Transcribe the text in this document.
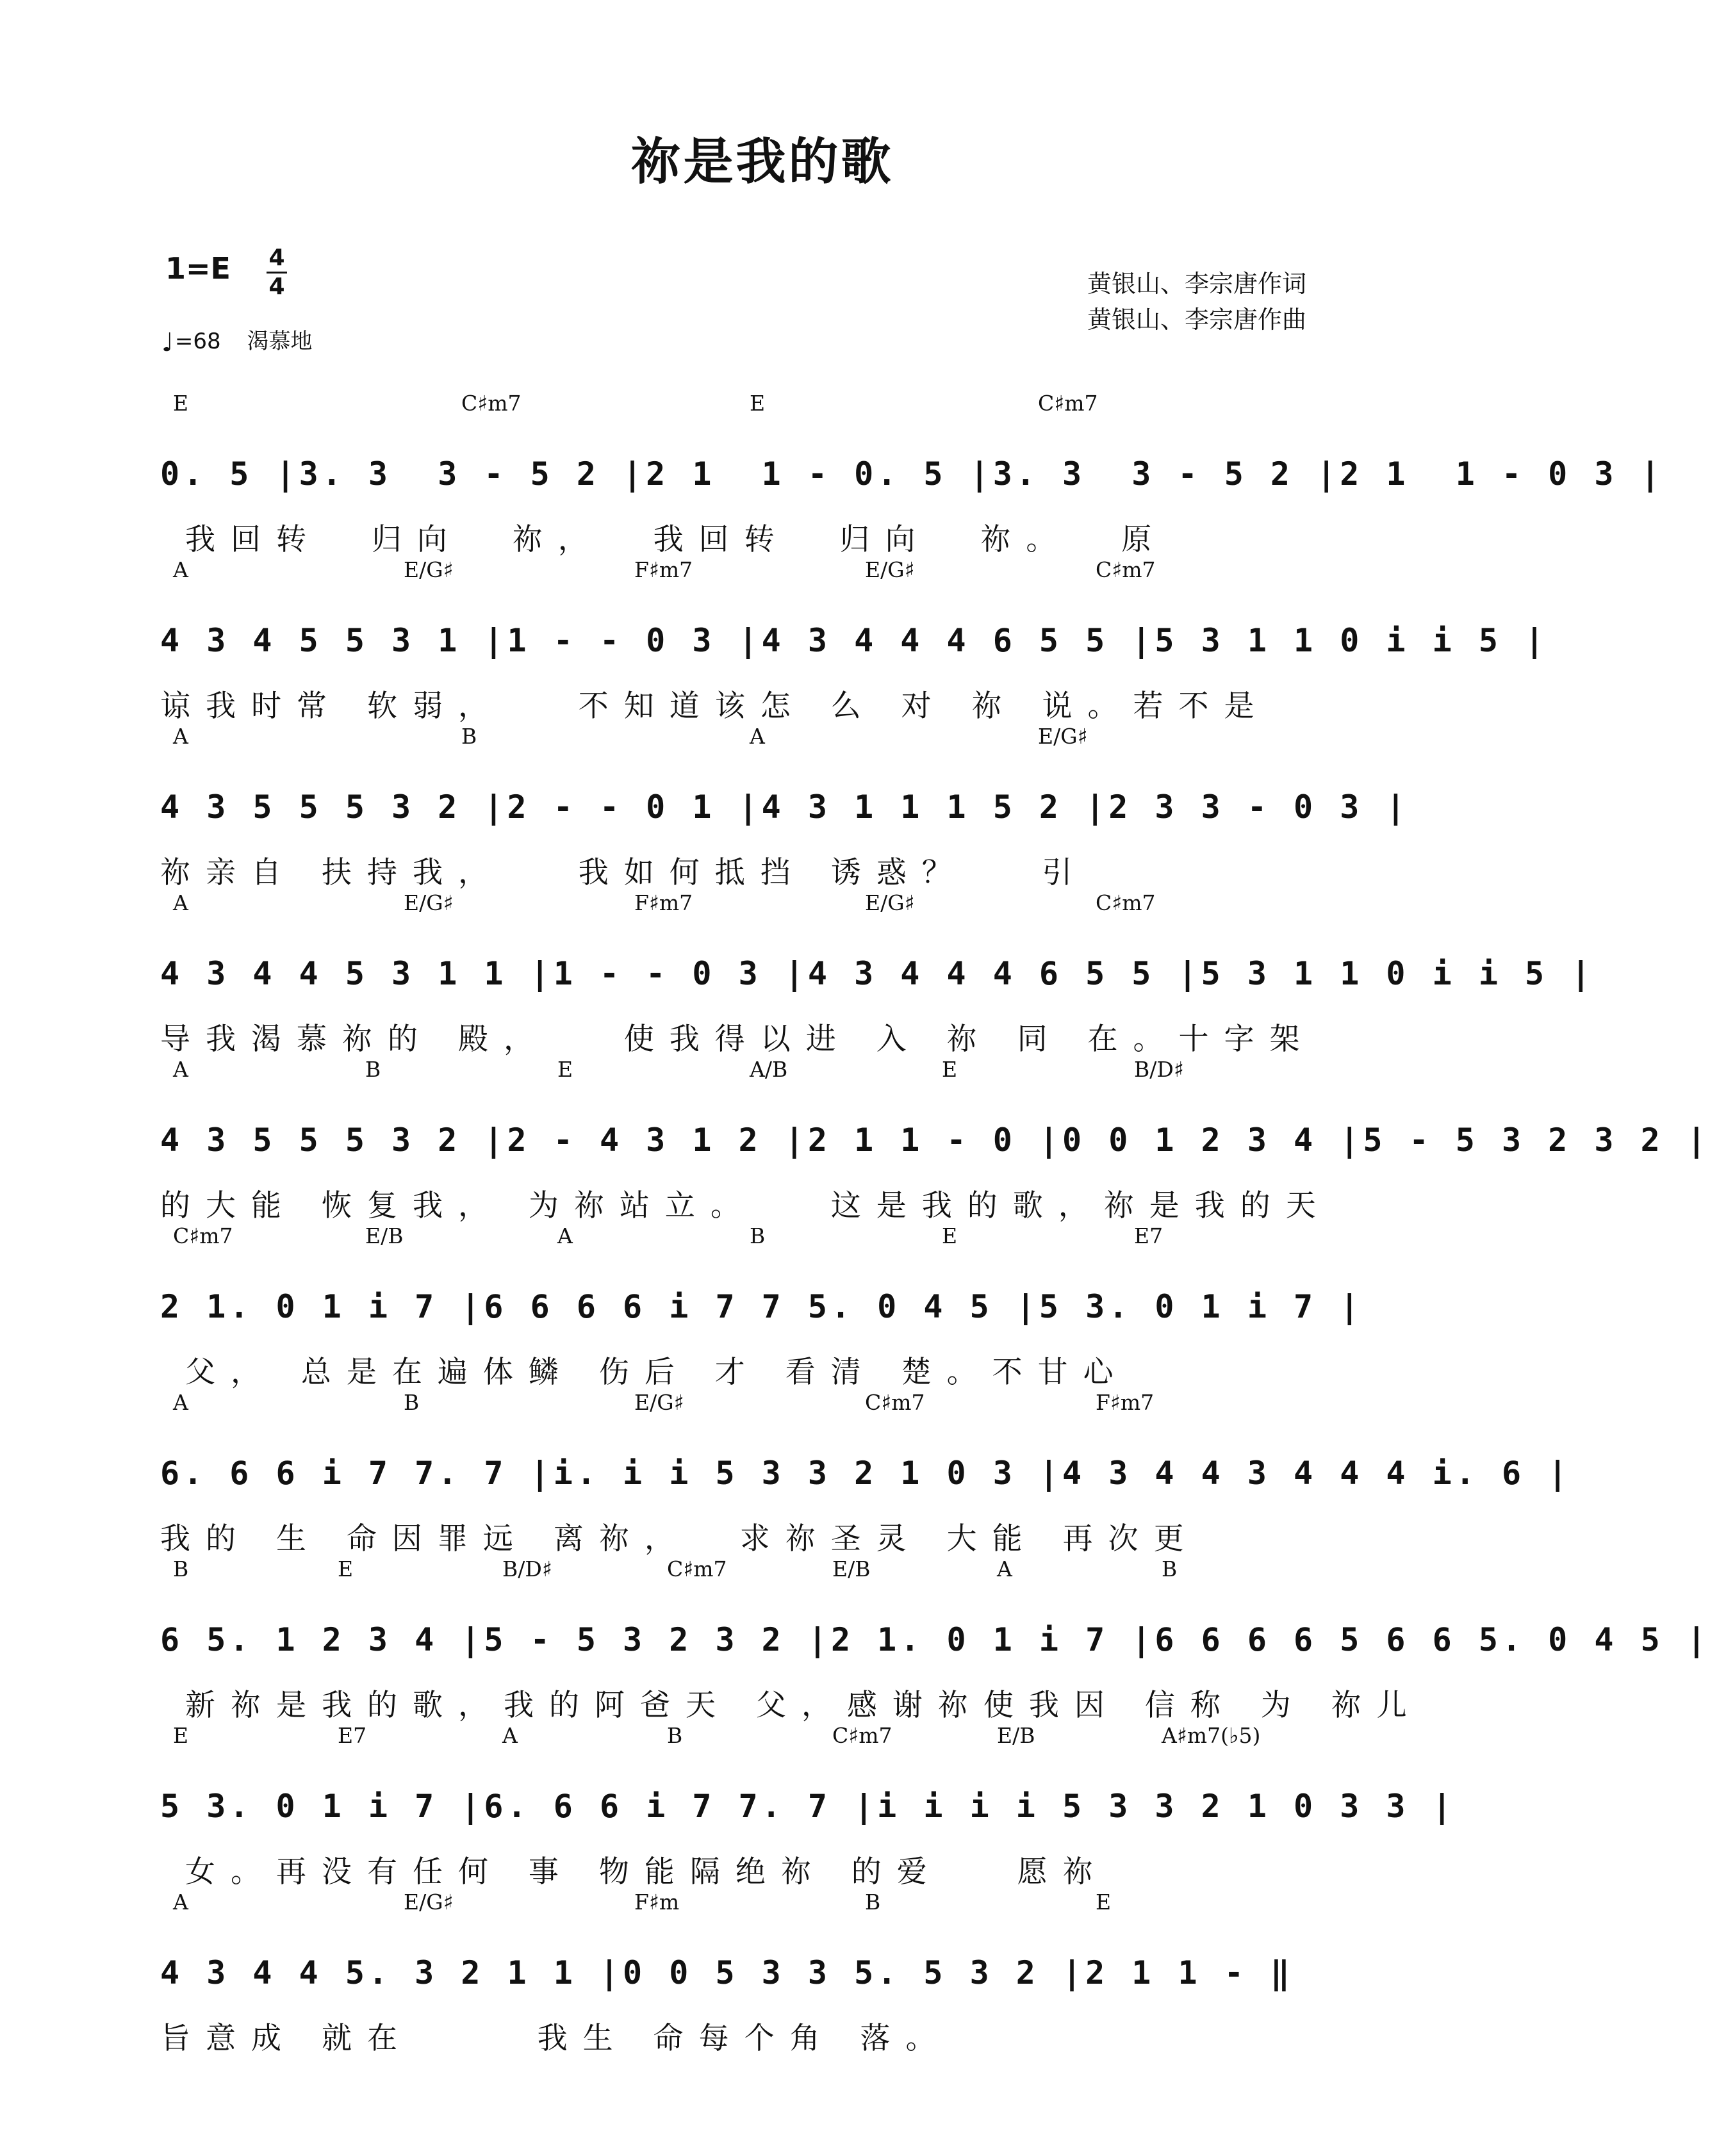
祢是我的歌
1=E 4
4
♩=68 渴慕地
黄银山、李宗唐作词
黄银山、李宗唐作曲
E	C♯m7	E	C♯m7
0. 5 |3. 3  3 - 5 2 |2 1  1 - 0. 5 |3. 3  3 - 5 2 |2 1  1 - 0 3 |
我回转  归向  祢，  我回转  归向  祢。  原
A	E/G♯	F♯m7	E/G♯	C♯m7
4 3 4 5 5 3 1 |1 - - 0 3 |4 3 4 4 4 6 5 5 |5 3 1 1 0 i i 5 |
谅我时常 软弱，   不知道该怎 么 对 祢 说。若不是
A	B	A	E/G♯
4 3 5 5 5 3 2 |2 - - 0 1 |4 3 1 1 1 5 2 |2 3 3 - 0 3 |
祢亲自 扶持我，   我如何抵挡 诱惑？   引
A	E/G♯	F♯m7	E/G♯	C♯m7
4 3 4 4 5 3 1 1 |1 - - 0 3 |4 3 4 4 4 6 5 5 |5 3 1 1 0 i i 5 |
导我渴慕祢的 殿，   使我得以进 入 祢 同 在。十字架
A	B	E	A/B	E	B/D♯
4 3 5 5 5 3 2 |2 - 4 3 1 2 |2 1 1 - 0 |0 0 1 2 3 4 |5 - 5 3 2 3 2 |
的大能 恢复我， 为祢站立。   这是我的歌，祢是我的天
C♯m7	E/B	A	B	E	E7
2 1. 0 1 i 7 |6 6 6 6 i 7 7 5. 0 4 5 |5 3. 0 1 i 7 |
父， 总是在遍体鳞 伤后 才 看清 楚。不甘心
A	B	E/G♯	C♯m7	F♯m7
6. 6 6 i 7 7. 7 |i. i i 5 3 3 2 1 0 3 |4 3 4 4 3 4 4 4 i. 6 |
我的 生 命因罪远 离祢，  求祢圣灵 大能 再次更
B	E	B/D♯	C♯m7	E/B	A	B
6 5. 1 2 3 4 |5 - 5 3 2 3 2 |2 1. 0 1 i 7 |6 6 6 6 5 6 6 5. 0 4 5 |
新祢是我的歌，我的阿爸天 父，感谢祢使我因 信称 为 祢儿
E	E7	A	B	C♯m7	E/B	A♯m7(♭5)
5 3. 0 1 i 7 |6. 6 6 i 7 7. 7 |i i i i 5 3 3 2 1 0 3 3 |
女。再没有任何 事 物能隔绝祢 的爱   愿祢
A	E/G♯	F♯m	B	E
4 3 4 4 5. 3 2 1 1 |0 0 5 3 3 5. 5 3 2 |2 1 1 - ‖
旨意成 就在     我生 命每个角 落。
